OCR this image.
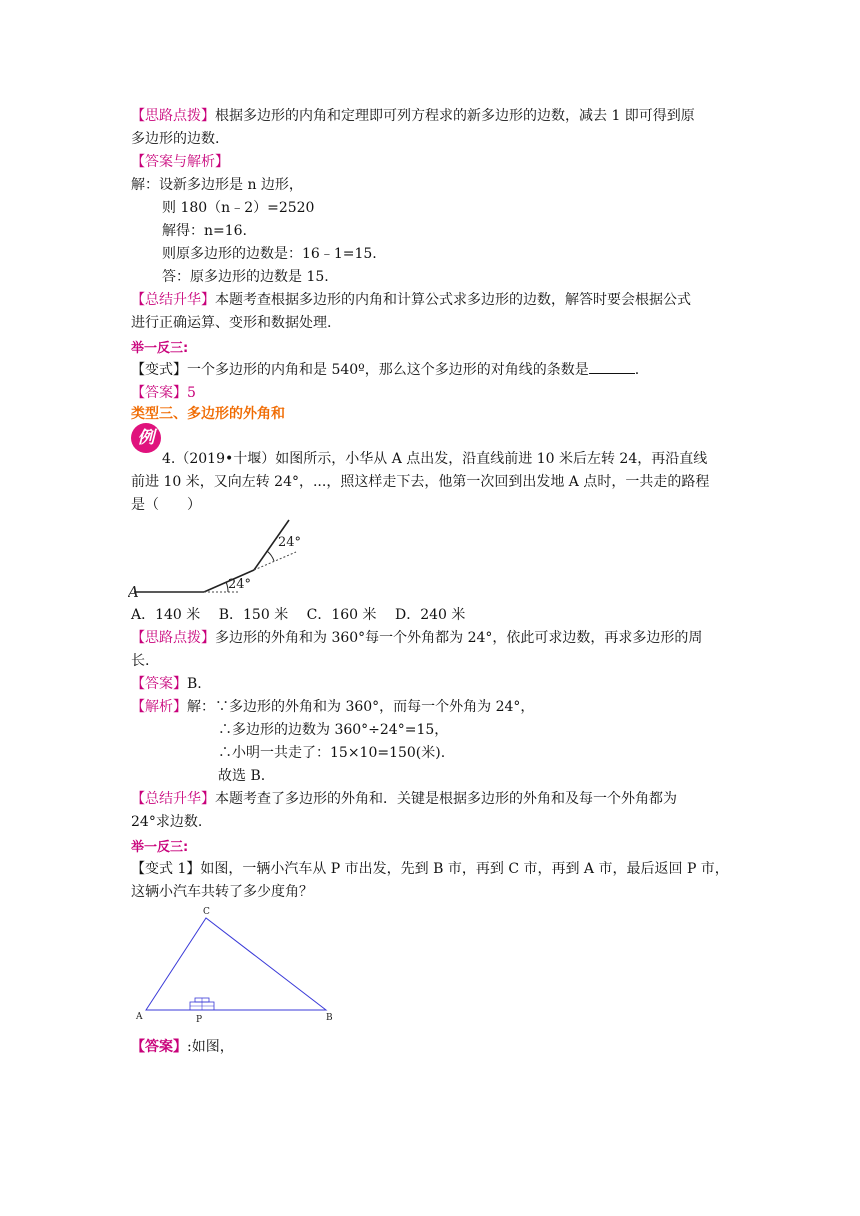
【思路点拨】根据多边形的内角和定理即可列方程求的新多边形的边数，减去 1 即可得到原
多边形的边数.
【答案与解析】
解：设新多边形是 n 边形，
则 180（n﹣2）=2520
解得：n=16.
则原多边形的边数是：16﹣1=15.
答：原多边形的边数是 15.
【总结升华】本题考查根据多边形的内角和计算公式求多边形的边数，解答时要会根据公式
进行正确运算、变形和数据处理.
举一反三:
【变式】一个多边形的内角和是 540º，那么这个多边形的对角线的条数是	.
【答案】5
类型三、多边形的外角和
例
4.（2019•十堰）如图所示，小华从 A 点出发，沿直线前进 10 米后左转 24，再沿直线
前进 10 米，又向左转 24°，...，照这样走下去，他第一次回到出发地 A 点时，一共走的路程
是（　　）
A	24°
24°
A．140 米　 B．150 米　 C．160 米　 D．240 米
【思路点拨】多边形的外角和为 360°每一个外角都为 24°，依此可求边数，再求多边形的周
长.
【答案】B.
【解析】解：∵多边形的外角和为 360°，而每一个外角为 24°，
∴多边形的边数为 360°÷24°=15，
∴小明一共走了：15×10=150(米).
故选 B.
【总结升华】本题考查了多边形的外角和．关键是根据多边形的外角和及每一个外角都为
24°求边数.
举一反三:
【变式 1】如图，一辆小汽车从 P 市出发，先到 B 市，再到 C 市，再到 A 市，最后返回 P 市，
这辆小汽车共转了多少度角？
C
A	P	B
【答案】:如图，
